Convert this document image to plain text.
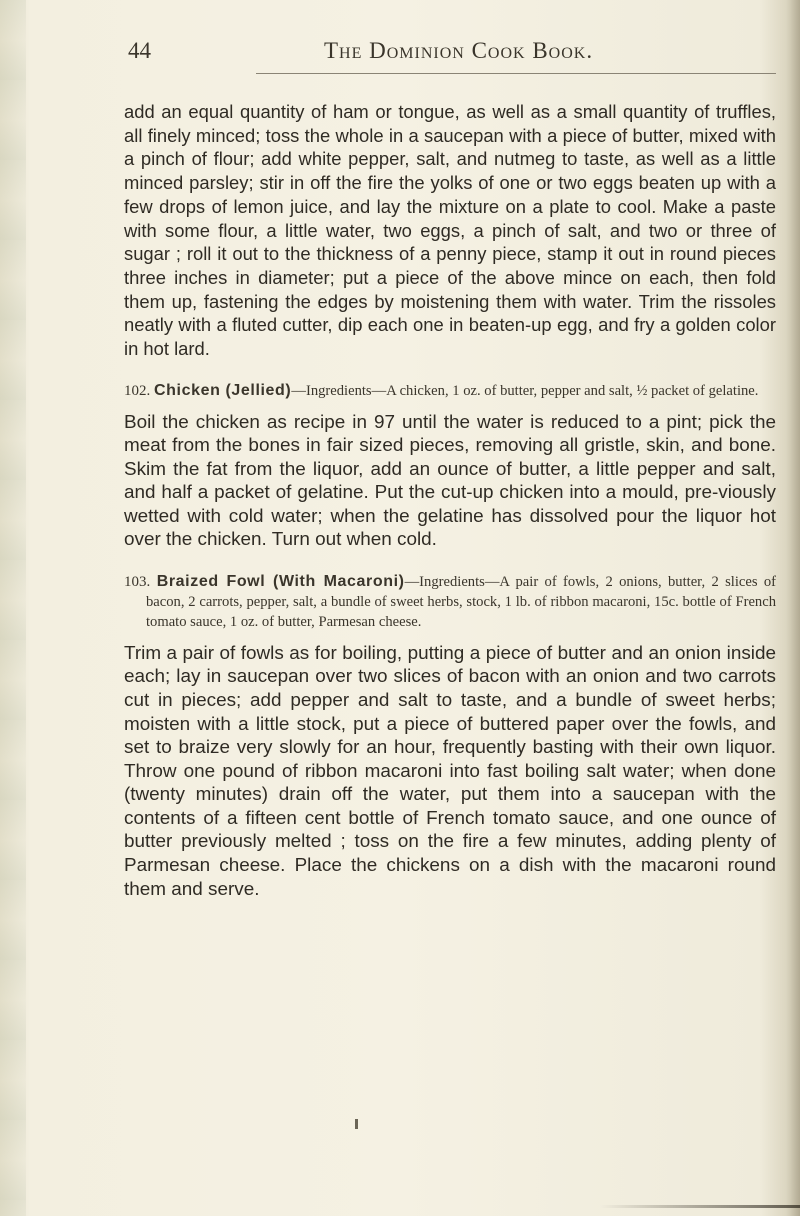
44	The Dominion Cook Book.

add an equal quantity of ham or tongue, as well as a small quantity of truffles, all finely minced; toss the whole in a saucepan with a piece of butter, mixed with a pinch of flour; add white pepper, salt, and nutmeg to taste, as well as a little minced parsley; stir in off the fire the yolks of one or two eggs beaten up with a few drops of lemon juice, and lay the mixture on a plate to cool. Make a paste with some flour, a little water, two eggs, a pinch of salt, and two or three of sugar ; roll it out to the thickness of a penny piece, stamp it out in round pieces three inches in diameter; put a piece of the above mince on each, then fold them up, fastening the edges by moistening them with water. Trim the rissoles neatly with a fluted cutter, dip each one in beaten-up egg, and fry a golden color in hot lard.

102. Chicken (Jellied)—Ingredients—A chicken, 1 oz. of butter, pepper and salt, ½ packet of gelatine.

Boil the chicken as recipe in 97 until the water is reduced to a pint; pick the meat from the bones in fair sized pieces, removing all gristle, skin, and bone. Skim the fat from the liquor, add an ounce of butter, a little pepper and salt, and half a packet of gelatine. Put the cut-up chicken into a mould, pre-viously wetted with cold water; when the gelatine has dissolved pour the liquor hot over the chicken. Turn out when cold.

103. Braized Fowl (With Macaroni)—Ingredients—A pair of fowls, 2 onions, butter, 2 slices of bacon, 2 carrots, pepper, salt, a bundle of sweet herbs, stock, 1 lb. of ribbon macaroni, 15c. bottle of French tomato sauce, 1 oz. of butter, Parmesan cheese.

Trim a pair of fowls as for boiling, putting a piece of butter and an onion inside each; lay in saucepan over two slices of bacon with an onion and two carrots cut in pieces; add pepper and salt to taste, and a bundle of sweet herbs; moisten with a little stock, put a piece of buttered paper over the fowls, and set to braize very slowly for an hour, frequently basting with their own liquor. Throw one pound of ribbon macaroni into fast boiling salt water; when done (twenty minutes) drain off the water, put them into a saucepan with the contents of a fifteen cent bottle of French tomato sauce, and one ounce of butter previously melted ; toss on the fire a few minutes, adding plenty of Parmesan cheese. Place the chickens on a dish with the macaroni round them and serve.
